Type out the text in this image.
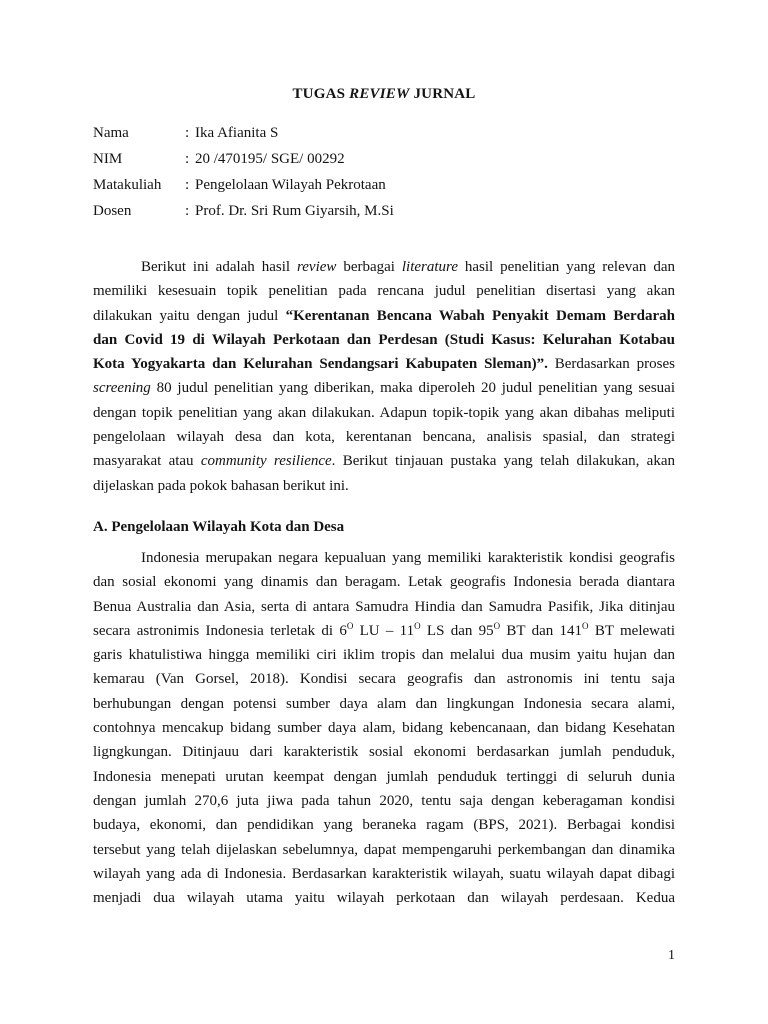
TUGAS REVIEW JURNAL
Nama	: Ika Afianita S
NIM	: 20 /470195/ SGE/ 00292
Matakuliah	: Pengelolaan Wilayah Pekrotaan
Dosen	: Prof. Dr. Sri Rum Giyarsih, M.Si
Berikut ini adalah hasil review berbagai literature hasil penelitian yang relevan dan
memiliki kesesuain topik penelitian pada rencana judul penelitian disertasi yang akan
dilakukan yaitu dengan judul “Kerentanan Bencana Wabah Penyakit Demam Berdarah
dan Covid 19 di Wilayah Perkotaan dan Perdesan (Studi Kasus: Kelurahan Kotabau
Kota Yogyakarta dan Kelurahan Sendangsari Kabupaten Sleman)”. Berdasarkan proses
screening 80 judul penelitian yang diberikan, maka diperoleh 20 judul penelitian yang sesuai
dengan topik penelitian yang akan dilakukan. Adapun topik-topik yang akan dibahas meliputi
pengelolaan wilayah desa dan kota, kerentanan bencana, analisis spasial, dan strategi
masyarakat atau community resilience. Berikut tinjauan pustaka yang telah dilakukan, akan
dijelaskan pada pokok bahasan berikut ini.
A. Pengelolaan Wilayah Kota dan Desa
Indonesia merupakan negara kepualuan yang memiliki karakteristik kondisi geografis
dan sosial ekonomi yang dinamis dan beragam. Letak geografis Indonesia berada diantara
Benua Australia dan Asia, serta di antara Samudra Hindia dan Samudra Pasifik, Jika ditinjau
secara astronimis Indonesia terletak di $6^O$ LU – $11^O$ LS dan $95^O$ BT dan $141^O$ BT melewati
garis khatulistiwa hingga memiliki ciri iklim tropis dan melalui dua musim yaitu hujan dan
kemarau (Van Gorsel, 2018). Kondisi secara geografis dan astronomis ini tentu saja
berhubungan dengan potensi sumber daya alam dan lingkungan Indonesia secara alami,
contohnya mencakup bidang sumber daya alam, bidang kebencanaan, dan bidang Kesehatan
ligngkungan. Ditinjauu dari karakteristik sosial ekonomi berdasarkan jumlah penduduk,
Indonesia menepati urutan keempat dengan jumlah penduduk tertinggi di seluruh dunia
dengan jumlah 270,6 juta jiwa pada tahun 2020, tentu saja dengan keberagaman kondisi
budaya, ekonomi, dan pendidikan yang beraneka ragam (BPS, 2021). Berbagai kondisi
tersebut yang telah dijelaskan sebelumnya, dapat mempengaruhi perkembangan dan dinamika
wilayah yang ada di Indonesia. Berdasarkan karakteristik wilayah, suatu wilayah dapat dibagi
menjadi dua wilayah utama yaitu wilayah perkotaan dan wilayah perdesaan. Kedua
1
